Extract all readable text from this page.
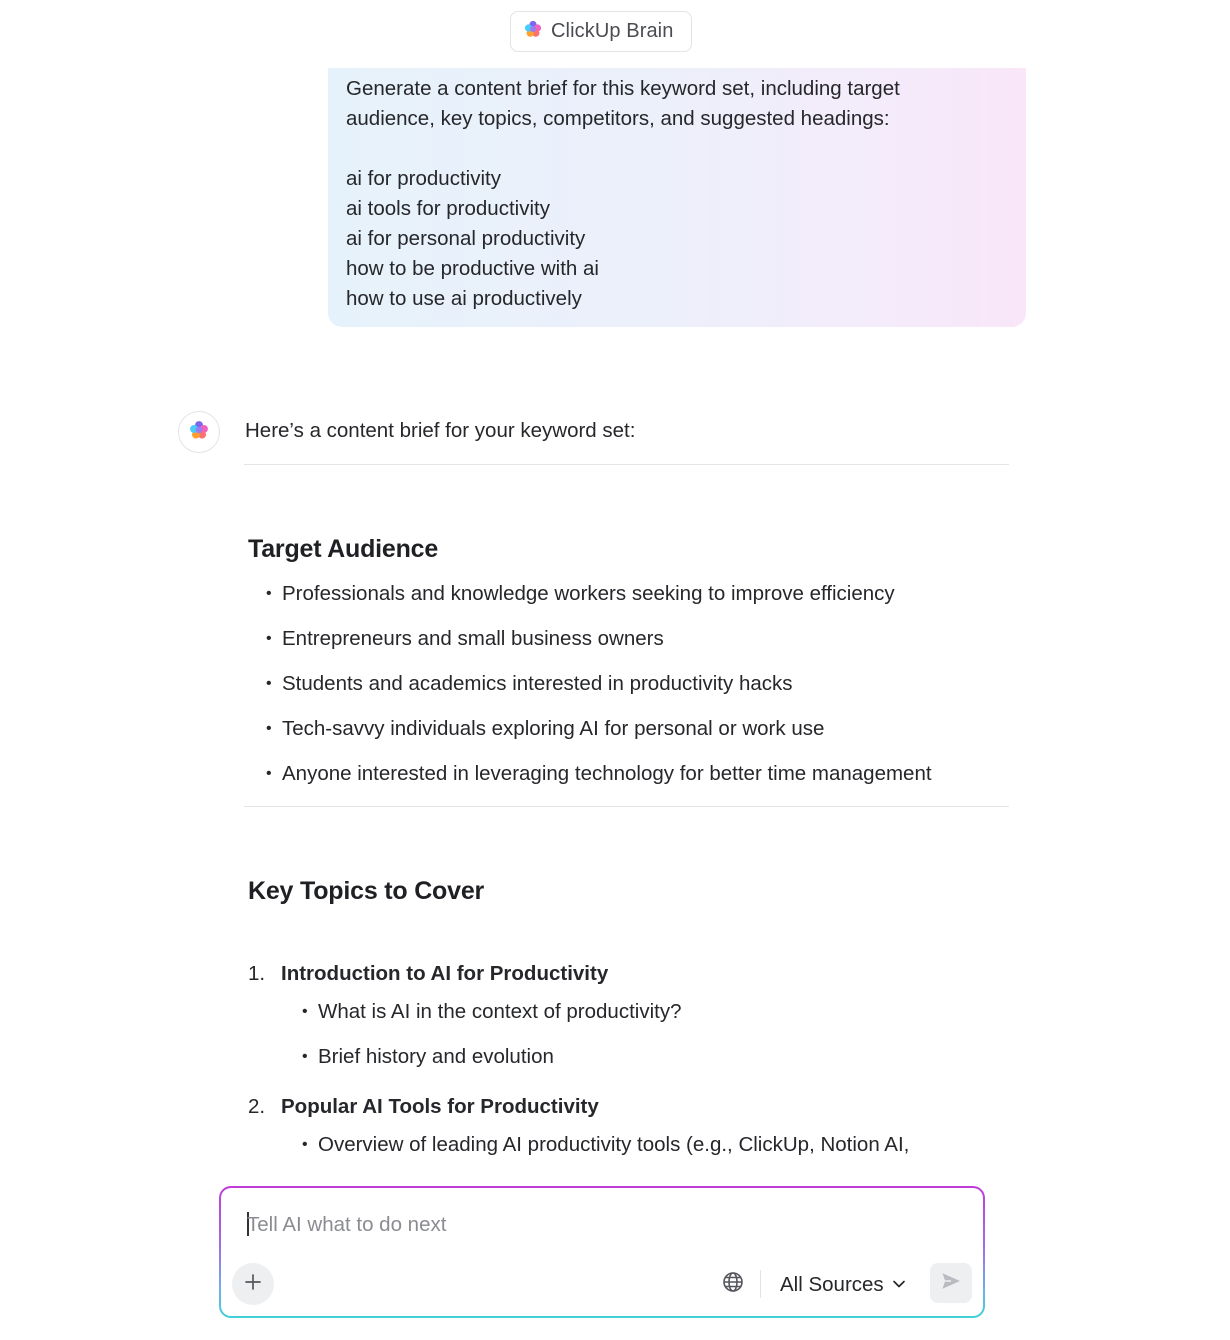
ClickUp Brain
Generate a content brief for this keyword set, including target
audience, key topics, competitors, and suggested headings:
ai for productivity
ai tools for productivity
ai for personal productivity
how to be productive with ai
how to use ai productively
Here’s a content brief for your keyword set:
Target Audience
• Professionals and knowledge workers seeking to improve efficiency
• Entrepreneurs and small business owners
• Students and academics interested in productivity hacks
• Tech-savvy individuals exploring AI for personal or work use
• Anyone interested in leveraging technology for better time management
Key Topics to Cover
1. Introduction to AI for Productivity
• What is AI in the context of productivity?
• Brief history and evolution
2. Popular AI Tools for Productivity
• Overview of leading AI productivity tools (e.g., ClickUp, Notion AI,
Tell AI what to do next
All Sources
